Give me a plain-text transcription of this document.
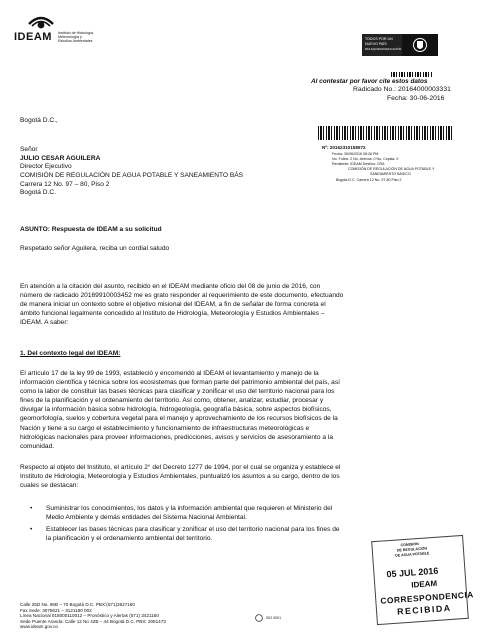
IDEAM Instituto de Hidrología,
Meteorología y
Estudios Ambientales	TODOS POR UN
NUEVO PAÍS
PAZ EQUIDAD EDUCACIÓN
Al contestar por favor cite estos datos
Radicado No.: 20164000003331
Fecha: 30-06-2016
Bogotá D.C.,
Nº: 20162310158572
Fecha: 30/06/2016 08:26 PM
No. Folios: 2 No. Anexos: 0 No. Copias: 0
Remitente: IDEAM Destino: CRA
COMISIÓN DE REGULACIÓN DE AGUA POTABLE Y
SANEAMIENTO BÁSICO
Bogotá D.C. Carrera 12 No. 97-80 Piso 2
Señor
JULIO CESAR AGUILERA
Director Ejecutivo
COMISIÓN DE REGULACIÓN DE AGUA POTABLE Y SANEAMIENTO BÁS
Carrera 12 No. 97 – 80, Piso 2
Bogotá D.C.
ASUNTO: Respuesta de IDEAM a su solicitud
Respetado señor Aguilera, reciba un cordial saludo
En atención a la citación del asunto, recibido en el IDEAM mediante oficio del 08 de junio de 2016, con
número de radicado 20169910003452 me es grato responder al requerimiento de este documento, efectuando
de manera inicial un contexto sobre el objetivo misional del IDEAM, a fin de señalar de forma concreta el
ámbito funcional legalmente concedido al Instituto de Hidrología, Meteorología y Estudios Ambientales –
IDEAM. A saber:
1. Del contexto legal del IDEAM:
El artículo 17 de la ley 99 de 1993, estableció y encomendó al IDEAM el levantamiento y manejo de la
información científica y técnica sobre los ecosistemas que forman parte del patrimonio ambiental del país, así
como la labor de constituir las bases técnicas para clasificar y zonificar el uso del territorio nacional para los
fines de la planificación y el ordenamiento del territorio. Así como, obtener, analizar, estudiar, procesar y
divulgar la información básica sobre hidrología, hidrogeología, geografía básica, sobre aspectos biofísicos,
geomorfología, suelos y cobertura vegetal para el manejo y aprovechamiento de los recursos biofísicos de la
Nación y tiene a su cargo el establecimiento y funcionamiento de infraestructuras meteorológicas e
hidrológicas nacionales para proveer informaciones, predicciones, avisos y servicios de asesoramiento a la
comunidad.
Respecto al objeto del Instituto, el artículo 2° del Decreto 1277 de 1994, por el cual se organiza y establece el
Instituto de Hidrología, Meteorología y Estudios Ambientales, puntualizó los asuntos a su cargo, dentro de los
cuales se destacan:
• Suministrar los conocimientos, los datos y la información ambiental que requieren el Ministerio del
Medio Ambiente y demás entidades del Sistema Nacional Ambiental.
• Establecer las bases técnicas para clasificar y zonificar el uso del territorio nacional para los fines de
la planificación y el ordenamiento ambiental del territorio.
COMISIÓN
DE REGULACIÓN
DE AGUA POTABLE
05 JUL 2016
IDEAM
CORRESPONDENCIA
RECIBIDA
Calle 25D No. 96B – 70 Bogotá D.C. PBX:(571)3527160
Fax Sede: 3075621 – 3121180 002
Línea Nacional 018000110012 – Pronóstico y Alertas (571) 3421160
Sede Puente Aranda: Calle 12 No 42B – 44 Bogotá D.C. PBX: 2081473
www.ideam.gov.co
ISO 9001
